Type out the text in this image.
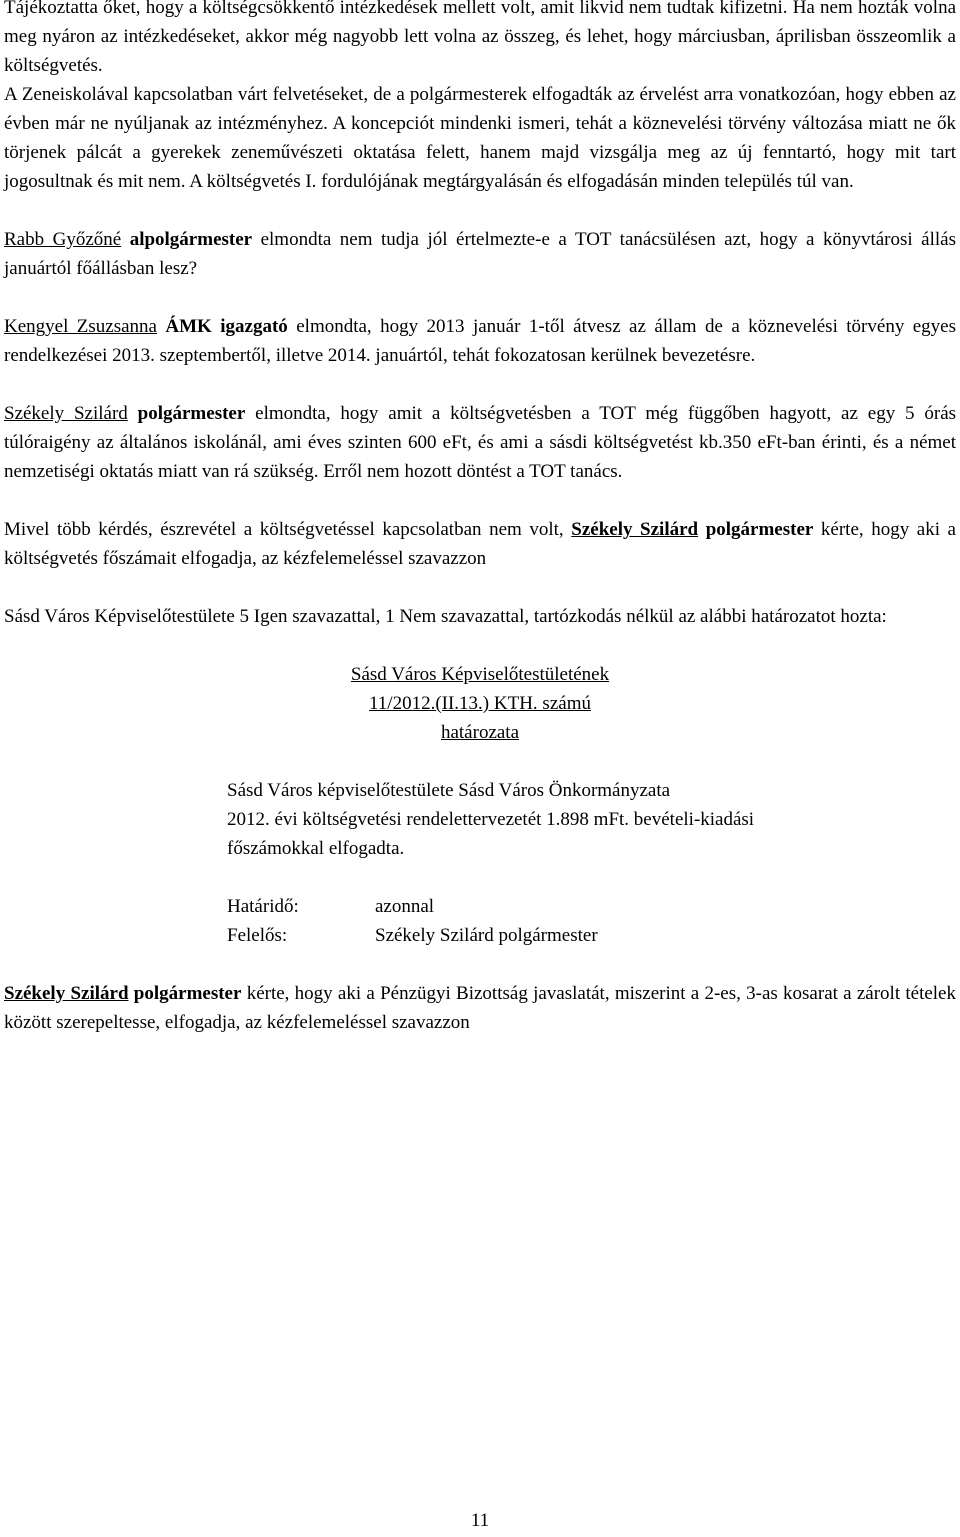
Tájékoztatta őket, hogy a költségcsökkentő intézkedések mellett volt, amit likvid nem tudtak kifizetni. Ha nem hozták volna meg nyáron az intézkedéseket, akkor még nagyobb lett volna az összeg, és lehet, hogy márciusban, áprilisban összeomlik a költségvetés.

A Zeneiskolával kapcsolatban várt felvetéseket, de a polgármesterek elfogadták az érvelést arra vonatkozóan, hogy ebben az évben már ne nyúljanak az intézményhez. A koncepciót mindenki ismeri, tehát a köznevelési törvény változása miatt ne ők törjenek pálcát a gyerekek zeneművészeti oktatása felett, hanem majd vizsgálja meg az új fenntartó, hogy mit tart jogosultnak és mit nem. A költségvetés I. fordulójának megtárgyalásán és elfogadásán minden település túl van.

Rabb Győzőné alpolgármester elmondta nem tudja jól értelmezte-e a TOT tanácsülésen azt, hogy a könyvtárosi állás januártól főállásban lesz?

Kengyel Zsuzsanna ÁMK igazgató elmondta, hogy 2013 január 1-től átvesz az állam de a köznevelési törvény egyes rendelkezései 2013. szeptembertől, illetve 2014. januártól, tehát fokozatosan kerülnek bevezetésre.

Székely Szilárd polgármester elmondta, hogy amit a költségvetésben a TOT még függőben hagyott, az egy 5 órás túlóraigény az általános iskolánál, ami éves szinten 600 eFt, és ami a sásdi költségvetést kb.350 eFt-ban érinti, és a német nemzetiségi oktatás miatt van rá szükség. Erről nem hozott döntést a TOT tanács.

Mivel több kérdés, észrevétel a költségvetéssel kapcsolatban nem volt, Székely Szilárd polgármester kérte, hogy aki a költségvetés főszámait elfogadja, az kézfelemeléssel szavazzon

Sásd Város Képviselőtestülete 5 Igen szavazattal, 1 Nem szavazattal, tartózkodás nélkül az alábbi határozatot hozta:

Sásd Város Képviselőtestületének
11/2012.(II.13.) KTH. számú
határozata
Sásd Város képviselőtestülete Sásd Város Önkormányzata
2012. évi költségvetési rendelettervezetét 1.898 mFt. bevételi-kiadási
főszámokkal elfogadta.
Határidő:	azonnal
Felelős:	Székely Szilárd polgármester

Székely Szilárd polgármester kérte, hogy aki a Pénzügyi Bizottság javaslatát, miszerint a 2-es, 3-as kosarat a zárolt tételek között szerepeltesse, elfogadja, az kézfelemeléssel szavazzon

11
